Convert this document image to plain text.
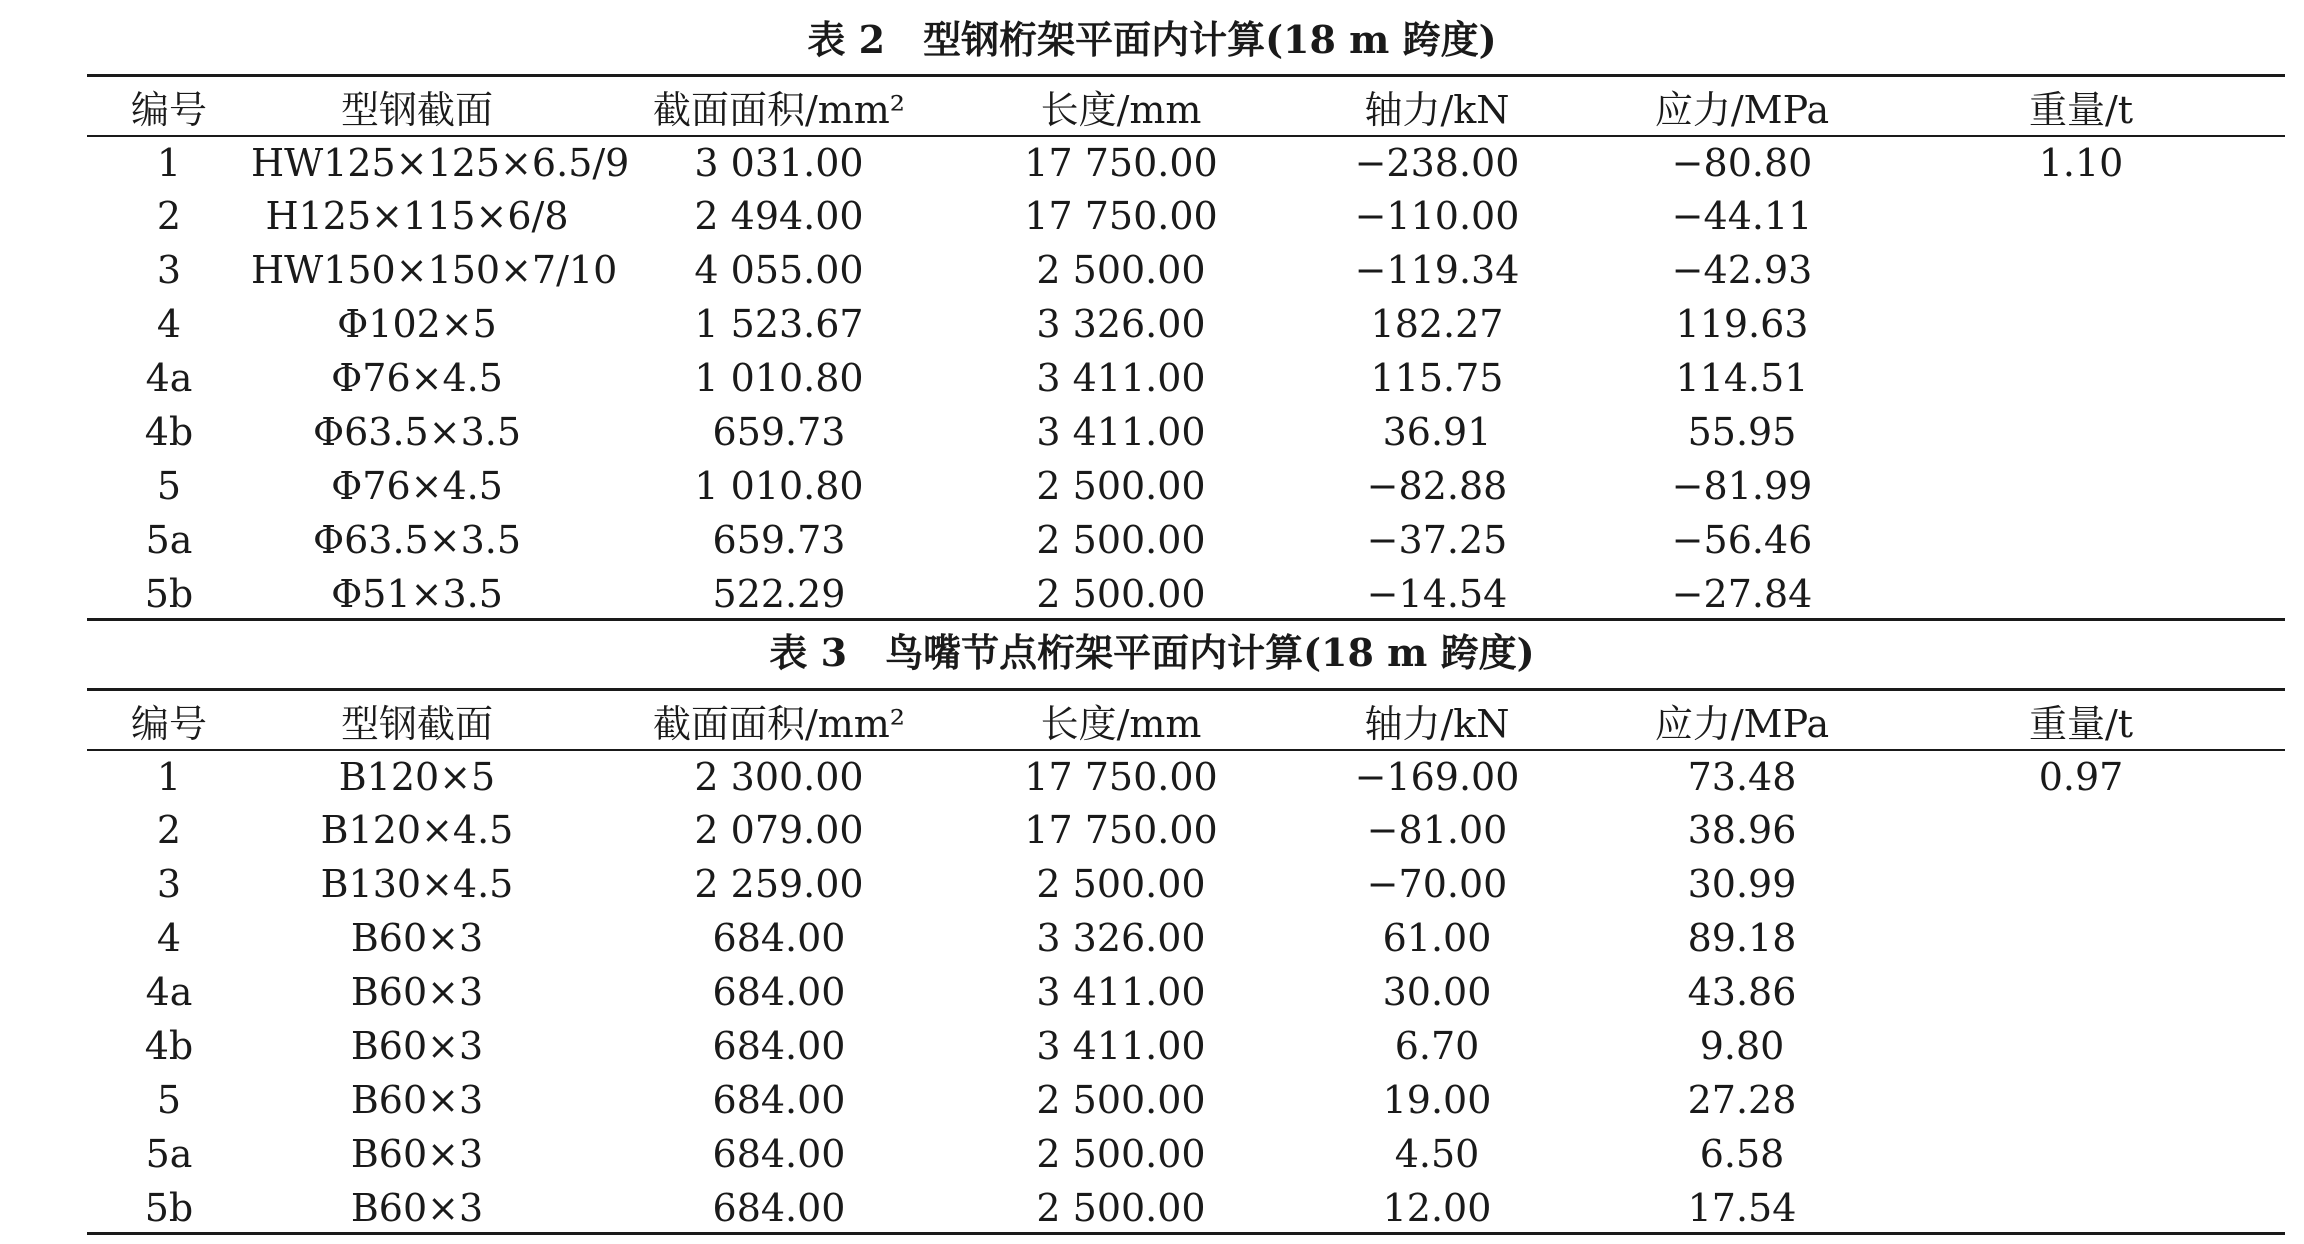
表 2　型钢桁架平面内计算(18 m 跨度)
编号	型钢截面	截面面积/mm²	长度/mm	轴力/kN	应力/MPa	重量/t
1	HW125×125×6.5/9	3 031.00	17 750.00	−238.00	−80.80	1.10
2	H125×115×6/8	2 494.00	17 750.00	−110.00	−44.11	
3	HW150×150×7/10	4 055.00	2 500.00	−119.34	−42.93	
4	Φ102×5	1 523.67	3 326.00	182.27	119.63	
4a	Φ76×4.5	1 010.80	3 411.00	115.75	114.51	
4b	Φ63.5×3.5	659.73	3 411.00	36.91	55.95	
5	Φ76×4.5	1 010.80	2 500.00	−82.88	−81.99	
5a	Φ63.5×3.5	659.73	2 500.00	−37.25	−56.46	
5b	Φ51×3.5	522.29	2 500.00	−14.54	−27.84	
表 3　鸟嘴节点桁架平面内计算(18 m 跨度)
编号	型钢截面	截面面积/mm²	长度/mm	轴力/kN	应力/MPa	重量/t
1	B120×5	2 300.00	17 750.00	−169.00	73.48	0.97
2	B120×4.5	2 079.00	17 750.00	−81.00	38.96	
3	B130×4.5	2 259.00	2 500.00	−70.00	30.99	
4	B60×3	684.00	3 326.00	61.00	89.18	
4a	B60×3	684.00	3 411.00	30.00	43.86	
4b	B60×3	684.00	3 411.00	6.70	9.80	
5	B60×3	684.00	2 500.00	19.00	27.28	
5a	B60×3	684.00	2 500.00	4.50	6.58	
5b	B60×3	684.00	2 500.00	12.00	17.54	
